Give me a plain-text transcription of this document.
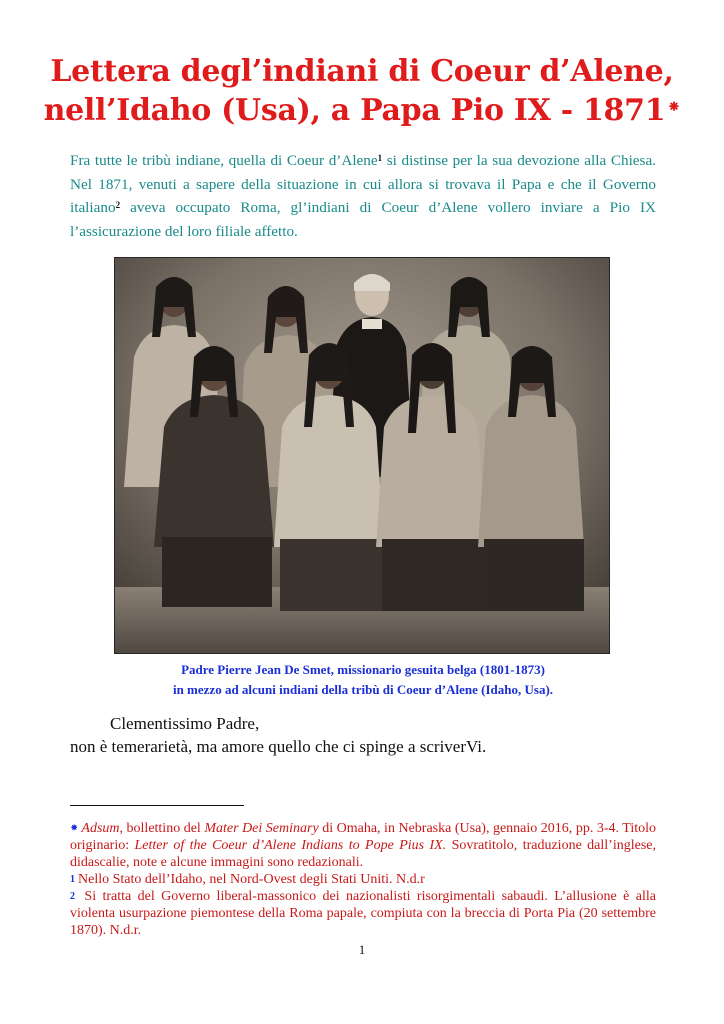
Lettera degl’indiani di Coeur d’Alene,
nell’Idaho (Usa), a Papa Pio IX - 1871 ⁕

Fra tutte le tribù indiane, quella di Coeur d’Alene$^1$ si distinse per la sua devozione alla Chiesa. Nel 1871, venuti a sapere della situazione in cui allora si trovava il Papa e che il Governo italiano$^2$ aveva occupato Roma, gl’indiani di Coeur d’Alene vollero inviare a Pio IX l’assicurazione del loro filiale affetto.

Padre Pierre Jean De Smet, missionario gesuita belga (1801-1873)
in mezzo ad alcuni indiani della tribù di Coeur d’Alene (Idaho, Usa).

Clementissimo Padre,

non è temerarietà, ma amore quello che ci spinge a scriverVi.

⁕ Adsum, bollettino del Mater Dei Seminary di Omaha, in Nebraska (Usa), gennaio 2016, pp. 3-4. Titolo originario: Letter of the Coeur d’Alene Indians to Pope Pius IX. Sovratitolo, traduzione dall’inglese, didascalie, note e alcune immagini sono redazionali.

$^1$ Nello Stato dell’Idaho, nel Nord-Ovest degli Stati Uniti. N.d.r

$^2$ Si tratta del Governo liberal-massonico dei nazionalisti risorgimentali sabaudi. L’allusione è alla violenta usurpazione piemontese della Roma papale, compiuta con la breccia di Porta Pia (20 settembre 1870). N.d.r.

1
